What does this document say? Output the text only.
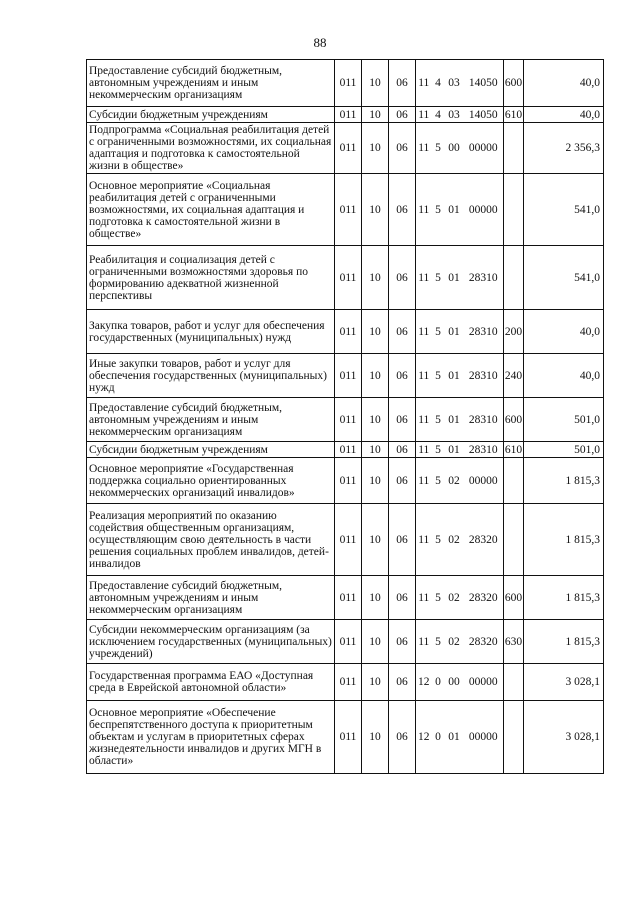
88
Предоставление субсидий бюджетным, автономным учреждениям и иным некоммерческим организациям	011	10	06	11	4	03	14050	600	40,0
Субсидии бюджетным учреждениям	011	10	06	11	4	03	14050	610	40,0
Подпрограмма «Социальная реабилитация детей с ограниченными возможностями, их социальная адаптация и подготовка к самостоятельной жизни в обществе»	011	10	06	11	5	00	00000		2 356,3
Основное мероприятие «Социальная реабилитация детей с ограниченными возможностями, их социальная адаптация и подготовка к самостоятельной жизни в обществе»	011	10	06	11	5	01	00000		541,0
Реабилитация и социализация детей с ограниченными возможностями здоровья по формированию адекватной жизненной перспективы	011	10	06	11	5	01	28310		541,0
Закупка товаров, работ и услуг для обеспечения государственных (муниципальных) нужд	011	10	06	11	5	01	28310	200	40,0
Иные закупки товаров, работ и услуг для обеспечения государственных (муниципальных) нужд	011	10	06	11	5	01	28310	240	40,0
Предоставление субсидий бюджетным, автономным учреждениям и иным некоммерческим организациям	011	10	06	11	5	01	28310	600	501,0
Субсидии бюджетным учреждениям	011	10	06	11	5	01	28310	610	501,0
Основное мероприятие «Государственная поддержка социально ориентированных некоммерческих организаций инвалидов»	011	10	06	11	5	02	00000		1 815,3
Реализация мероприятий по оказанию содействия общественным организациям, осуществляющим свою деятельность в части решения социальных проблем инвалидов, детей-инвалидов	011	10	06	11	5	02	28320		1 815,3
Предоставление субсидий бюджетным, автономным учреждениям и иным некоммерческим организациям	011	10	06	11	5	02	28320	600	1 815,3
Субсидии некоммерческим организациям (за исключением государственных (муниципальных) учреждений)	011	10	06	11	5	02	28320	630	1 815,3
Государственная программа ЕАО «Доступная среда в Еврейской автономной области»	011	10	06	12	0	00	00000		3 028,1
Основное мероприятие «Обеспечение беспрепятственного доступа к приоритетным объектам и услугам в приоритетных сферах жизнедеятельности инвалидов и других МГН в области»	011	10	06	12	0	01	00000		3 028,1
